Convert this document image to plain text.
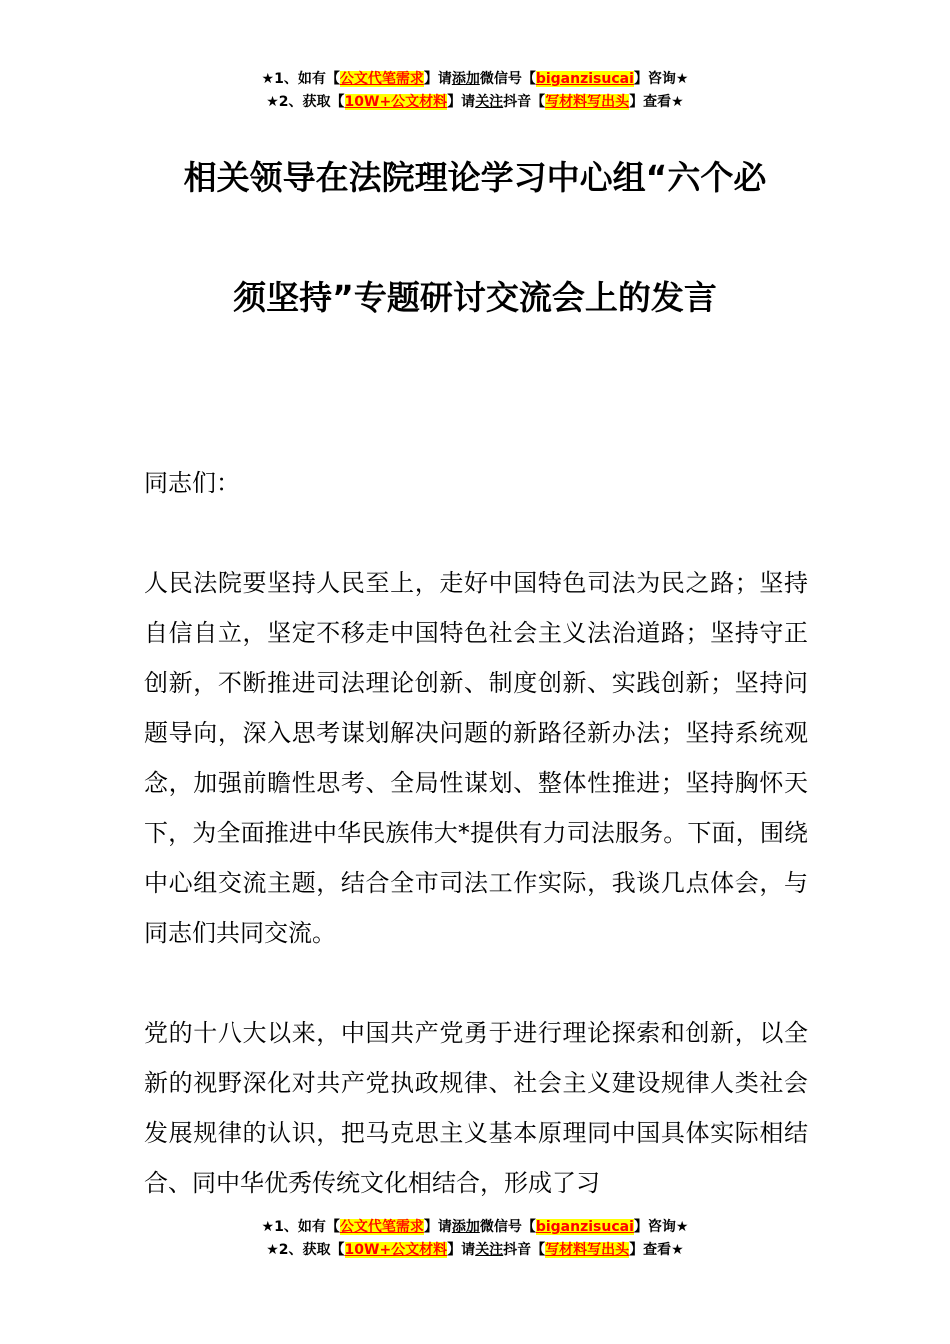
★1、如有【公文代笔需求】请添加微信号【biganzisucai】咨询★
★2、获取【10W+公文材料】请关注抖音【写材料写出头】查看★
相关领导在法院理论学习中心组“六个必
须坚持”专题研讨交流会上的发言

同志们：

人民法院要坚持人民至上，走好中国特色司法为民之路；坚持自信自立，坚定不移走中国特色社会主义法治道路；坚持守正创新，不断推进司法理论创新、制度创新、实践创新；坚持问题导向，深入思考谋划解决问题的新路径新办法；坚持系统观念，加强前瞻性思考、全局性谋划、整体性推进；坚持胸怀天下，为全面推进中华民族伟大*提供有力司法服务。下面，围绕中心组交流主题，结合全市司法工作实际，我谈几点体会，与同志们共同交流。

党的十八大以来，中国共产党勇于进行理论探索和创新，以全新的视野深化对共产党执政规律、社会主义建设规律人类社会发展规律的认识，把马克思主义基本原理同中国具体实际相结合、同中华优秀传统文化相结合，形成了习

★1、如有【公文代笔需求】请添加微信号【biganzisucai】咨询★
★2、获取【10W+公文材料】请关注抖音【写材料写出头】查看★
